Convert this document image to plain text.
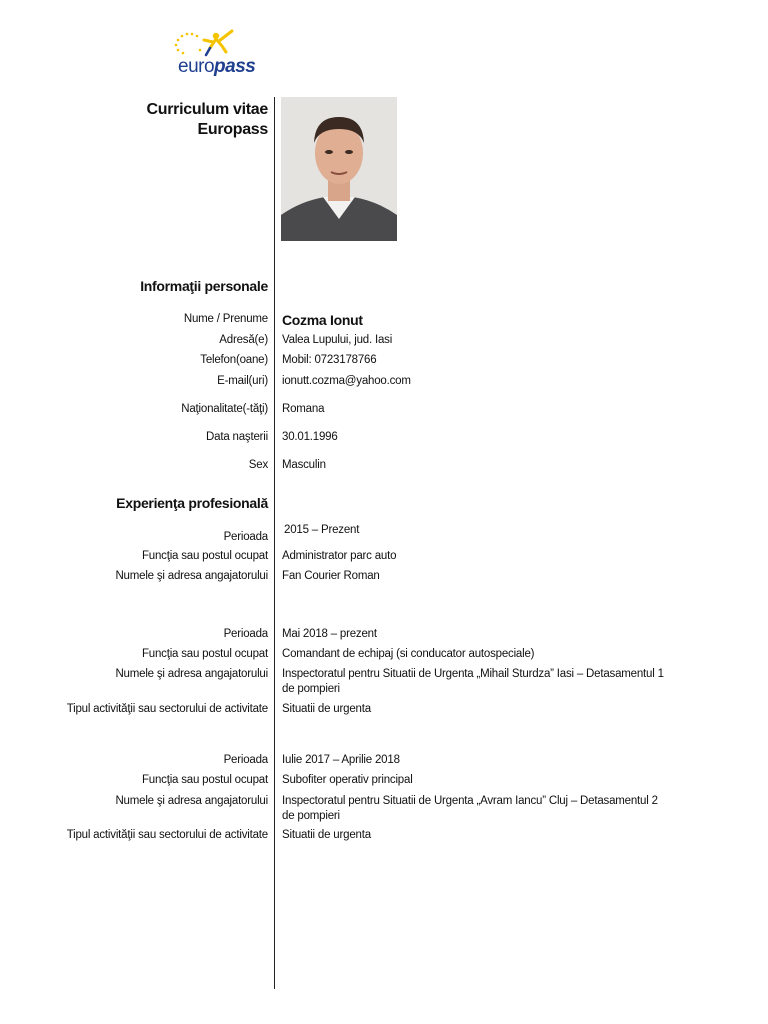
europass
Curriculum vitae
Europass
Informaţii personale
Nume / Prenume Cozma Ionut
Adresă(e) Valea Lupului, jud. Iasi
Telefon(oane) Mobil: 0723178766
E-mail(uri) ionutt.cozma@yahoo.com
Naţionalitate(-tăţi) Romana
Data naşterii 30.01.1996
Sex Masculin
Experienţa profesională
Perioada
2015 – Prezent
Funcţia sau postul ocupat Administrator parc auto
Numele şi adresa angajatorului Fan Courier Roman
Perioada Mai 2018 – prezent
Funcţia sau postul ocupat Comandant de echipaj (si conducator autospeciale)
Numele şi adresa angajatorului Inspectoratul pentru Situatii de Urgenta „Mihail Sturdza” Iasi – Detasamentul 1 de pompieri
Tipul activităţii sau sectorului de activitate Situatii de urgenta
Perioada Iulie 2017 – Aprilie 2018
Funcţia sau postul ocupat Subofiter operativ principal
Numele şi adresa angajatorului Inspectoratul pentru Situatii de Urgenta „Avram Iancu” Cluj – Detasamentul 2 de pompieri
Tipul activităţii sau sectorului de activitate Situatii de urgenta
